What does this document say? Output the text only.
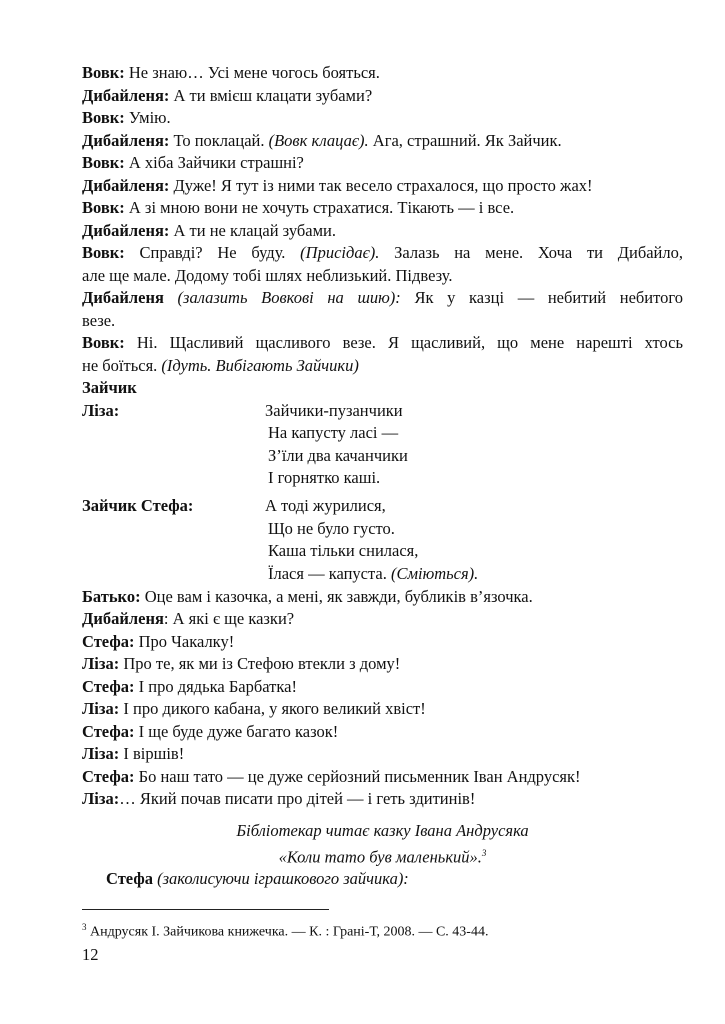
Вовк: Не знаю… Усі мене чогось бояться.
Дибайленя: А ти вмієш клацати зубами?
Вовк: Умію.
Дибайленя: То поклацай. (Вовк клацає). Ага, страшний. Як Зайчик.
Вовк: А хіба Зайчики страшні?
Дибайленя: Дуже! Я тут із ними так весело страхалося, що просто жах!
Вовк: А зі мною вони не хочуть страхатися. Тікають — і все.
Дибайленя: А ти не клацай зубами.
Вовк: Справді? Не буду. (Присідає). Залазь на мене. Хоча ти Дибайло,
але ще мале. Додому тобі шлях неблизький. Підвезу.
Дибайленя (залазить Вовкові на шию): Як у казці — небитий небитого
везе.
Вовк: Ні. Щасливий щасливого везе. Я щасливий, що мене нарешті хтось
не боїться. (Ідуть. Вибігають Зайчики)
Зайчик
Ліза:	Зайчики-пузанчики
На капусту ласі —
З’їли два качанчики
І горнятко каші.
Зайчик Стефа:	А тоді журилися,
Що не було густо.
Каша тільки снилася,
Їлася — капуста. (Сміються).
Батько: Оце вам і казочка, а мені, як завжди, бубликів в’язочка.
Дибайленя: А які є ще казки?
Стефа: Про Чакалку!
Ліза: Про те, як ми із Стефою втекли з дому!
Стефа: І про дядька Барбатка!
Ліза: І про дикого кабана, у якого великий хвіст!
Стефа: І ще буде дуже багато казок!
Ліза: І віршів!
Стефа: Бо наш тато — це дуже серйозний письменник Іван Андрусяк!
Ліза:… Який почав писати про дітей — і геть здитинів!
Бібліотекар читає казку Івана Андрусяка
«Коли тато був маленький».$^3$
Стефа (заколисуючи іграшкового зайчика):
$^3$ Андрусяк І. Зайчикова книжечка. — К. : Грані-Т, 2008. — С. 43-44.
12
